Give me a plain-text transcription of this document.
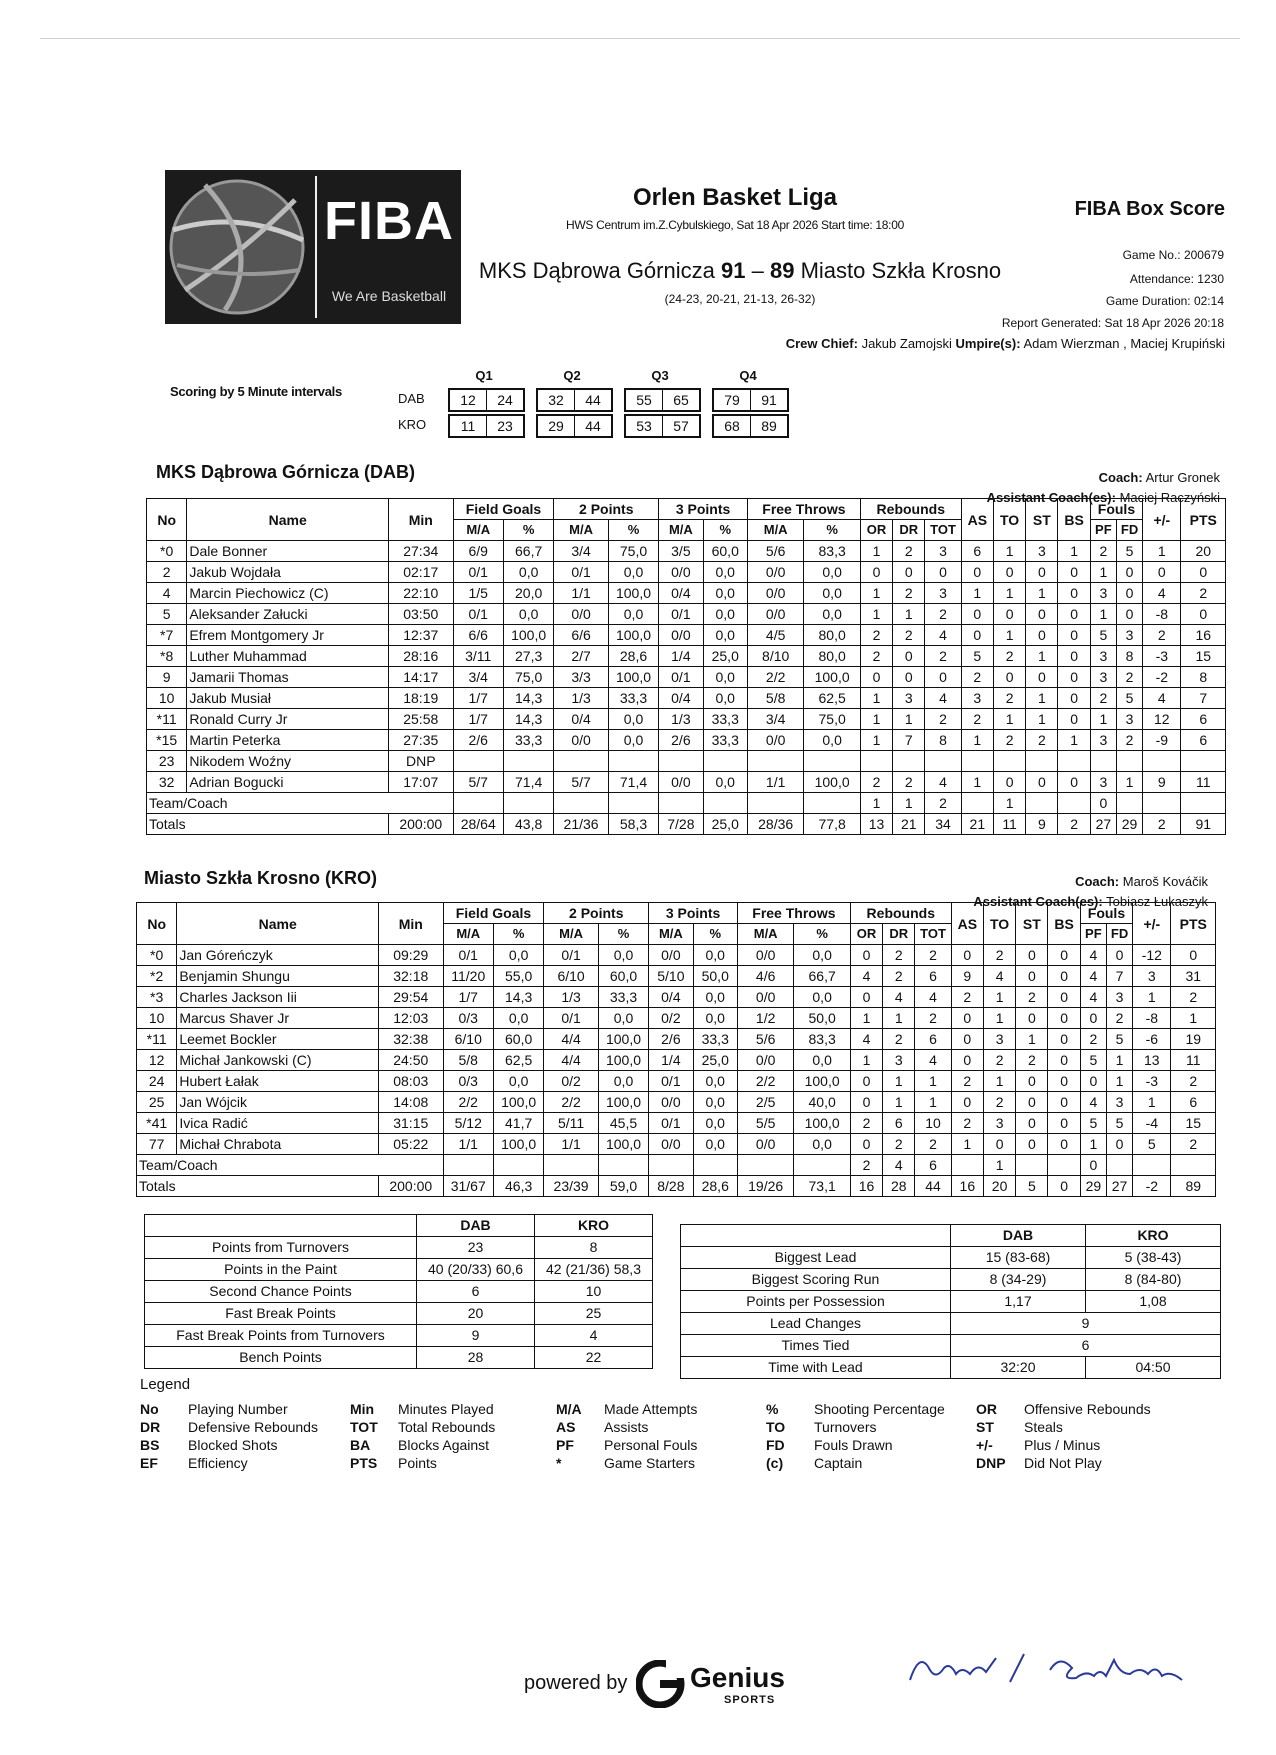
FIBA
We Are Basketball
Orlen Basket Liga
HWS Centrum im.Z.Cybulskiego, Sat 18 Apr 2026 Start time: 18:00
FIBA Box Score
MKS Dąbrowa Górnicza 91 – 89 Miasto Szkła Krosno
(24-23, 20-21, 21-13, 26-32)
Game No.: 200679
Attendance: 1230
Game Duration: 02:14
Report Generated: Sat 18 Apr 2026 20:18
Crew Chief: Jakub Zamojski Umpire(s): Adam Wierzman , Maciej Krupiński
Scoring by 5 Minute intervals
Q1	Q2	Q3	Q4
DAB	12	24	32	44	55	65	79	91
KRO	11	23	29	44	53	57	68	89
MKS Dąbrowa Górnicza (DAB)	Coach: Artur Gronek
Assistant Coach(es): Maciej Raczyński
No	Name	Min	Field Goals		2 Points		3 Points		Free Throws		Rebounds			AS	TO	ST	BS	Fouls		+/-	PTS
			M/A	%	M/A	%	M/A	%	M/A	%	OR	DR	TOT					PF	FD		
*0	Dale Bonner	27:34	6/9	66,7	3/4	75,0	3/5	60,0	5/6	83,3	1	2	3	6	1	3	1	2	5	1	20
2	Jakub Wojdała	02:17	0/1	0,0	0/1	0,0	0/0	0,0	0/0	0,0	0	0	0	0	0	0	0	1	0	0	0
4	Marcin Piechowicz (C)	22:10	1/5	20,0	1/1	100,0	0/4	0,0	0/0	0,0	1	2	3	1	1	1	0	3	0	4	2
5	Aleksander Załucki	03:50	0/1	0,0	0/0	0,0	0/1	0,0	0/0	0,0	1	1	2	0	0	0	0	1	0	-8	0
*7	Efrem Montgomery Jr	12:37	6/6	100,0	6/6	100,0	0/0	0,0	4/5	80,0	2	2	4	0	1	0	0	5	3	2	16
*8	Luther Muhammad	28:16	3/11	27,3	2/7	28,6	1/4	25,0	8/10	80,0	2	0	2	5	2	1	0	3	8	-3	15
9	Jamarii Thomas	14:17	3/4	75,0	3/3	100,0	0/1	0,0	2/2	100,0	0	0	0	2	0	0	0	3	2	-2	8
10	Jakub Musiał	18:19	1/7	14,3	1/3	33,3	0/4	0,0	5/8	62,5	1	3	4	3	2	1	0	2	5	4	7
*11	Ronald Curry Jr	25:58	1/7	14,3	0/4	0,0	1/3	33,3	3/4	75,0	1	1	2	2	1	1	0	1	3	12	6
*15	Martin Peterka	27:35	2/6	33,3	0/0	0,0	2/6	33,3	0/0	0,0	1	7	8	1	2	2	1	3	2	-9	6
23	Nikodem Woźny	DNP																			
32	Adrian Bogucki	17:07	5/7	71,4	5/7	71,4	0/0	0,0	1/1	100,0	2	2	4	1	0	0	0	3	1	9	11
Team/Coach											1	1	2		1			0			
Totals		200:00	28/64	43,8	21/36	58,3	7/28	25,0	28/36	77,8	13	21	34	21	11	9	2	27	29	2	91
Miasto Szkła Krosno (KRO)	Coach: Maroš Kováčik
Assistant Coach(es): Tobiasz Łukaszyk
No	Name	Min	Field Goals		2 Points		3 Points		Free Throws		Rebounds			AS	TO	ST	BS	Fouls		+/-	PTS
			M/A	%	M/A	%	M/A	%	M/A	%	OR	DR	TOT					PF	FD		
*0	Jan Góreńczyk	09:29	0/1	0,0	0/1	0,0	0/0	0,0	0/0	0,0	0	2	2	0	2	0	0	4	0	-12	0
*2	Benjamin Shungu	32:18	11/20	55,0	6/10	60,0	5/10	50,0	4/6	66,7	4	2	6	9	4	0	0	4	7	3	31
*3	Charles Jackson Iii	29:54	1/7	14,3	1/3	33,3	0/4	0,0	0/0	0,0	0	4	4	2	1	2	0	4	3	1	2
10	Marcus Shaver Jr	12:03	0/3	0,0	0/1	0,0	0/2	0,0	1/2	50,0	1	1	2	0	1	0	0	0	2	-8	1
*11	Leemet Bockler	32:38	6/10	60,0	4/4	100,0	2/6	33,3	5/6	83,3	4	2	6	0	3	1	0	2	5	-6	19
12	Michał Jankowski (C)	24:50	5/8	62,5	4/4	100,0	1/4	25,0	0/0	0,0	1	3	4	0	2	2	0	5	1	13	11
24	Hubert Łałak	08:03	0/3	0,0	0/2	0,0	0/1	0,0	2/2	100,0	0	1	1	2	1	0	0	0	1	-3	2
25	Jan Wójcik	14:08	2/2	100,0	2/2	100,0	0/0	0,0	2/5	40,0	0	1	1	0	2	0	0	4	3	1	6
*41	Ivica Radić	31:15	5/12	41,7	5/11	45,5	0/1	0,0	5/5	100,0	2	6	10	2	3	0	0	5	5	-4	15
77	Michał Chrabota	05:22	1/1	100,0	1/1	100,0	0/0	0,0	0/0	0,0	0	2	2	1	0	0	0	1	0	5	2
Team/Coach											2	4	6		1			0			
Totals		200:00	31/67	46,3	23/39	59,0	8/28	28,6	19/26	73,1	16	28	44	16	20	5	0	29	27	-2	89
	DAB	KRO
Points from Turnovers	23	8
Points in the Paint	40 (20/33) 60,6	42 (21/36) 58,3
Second Chance Points	6	10
Fast Break Points	20	25
Fast Break Points from Turnovers	9	4
Bench Points	28	22
	DAB	KRO
Biggest Lead	15 (83-68)	5 (38-43)
Biggest Scoring Run	8 (34-29)	8 (84-80)
Points per Possession	1,17	1,08
Lead Changes	9	
Times Tied	6	
Time with Lead	32:20	04:50
Legend
No Playing Number
DR Defensive Rebounds
BS Blocked Shots
EF Efficiency
Min Minutes Played
TOT Total Rebounds
BA Blocks Against
PTS Points
M/A Made Attempts
AS Assists
PF Personal Fouls
*	Game Starters
%	Shooting Percentage
TO Turnovers
FD Fouls Drawn
(c) Captain
OR Offensive Rebounds
ST Steals
+/- Plus / Minus
DNP Did Not Play
powered by Genius
SPORTS
